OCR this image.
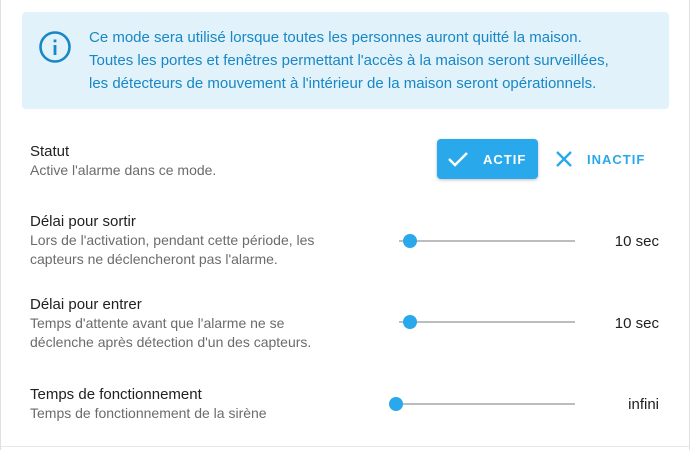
Ce mode sera utilisé lorsque toutes les personnes auront quitté la maison.
Toutes les portes et fenêtres permettant l'accès à la maison seront surveillées,
les détecteurs de mouvement à l'intérieur de la maison seront opérationnels.
Statut
Active l'alarme dans ce mode.
ACTIF	INACTIF
Délai pour sortir
Lors de l'activation, pendant cette période, les
capteurs ne déclencheront pas l'alarme.
10 sec
Délai pour entrer
Temps d'attente avant que l'alarme ne se
déclenche après détection d'un des capteurs.
10 sec
Temps de fonctionnement
Temps de fonctionnement de la sirène	infini
